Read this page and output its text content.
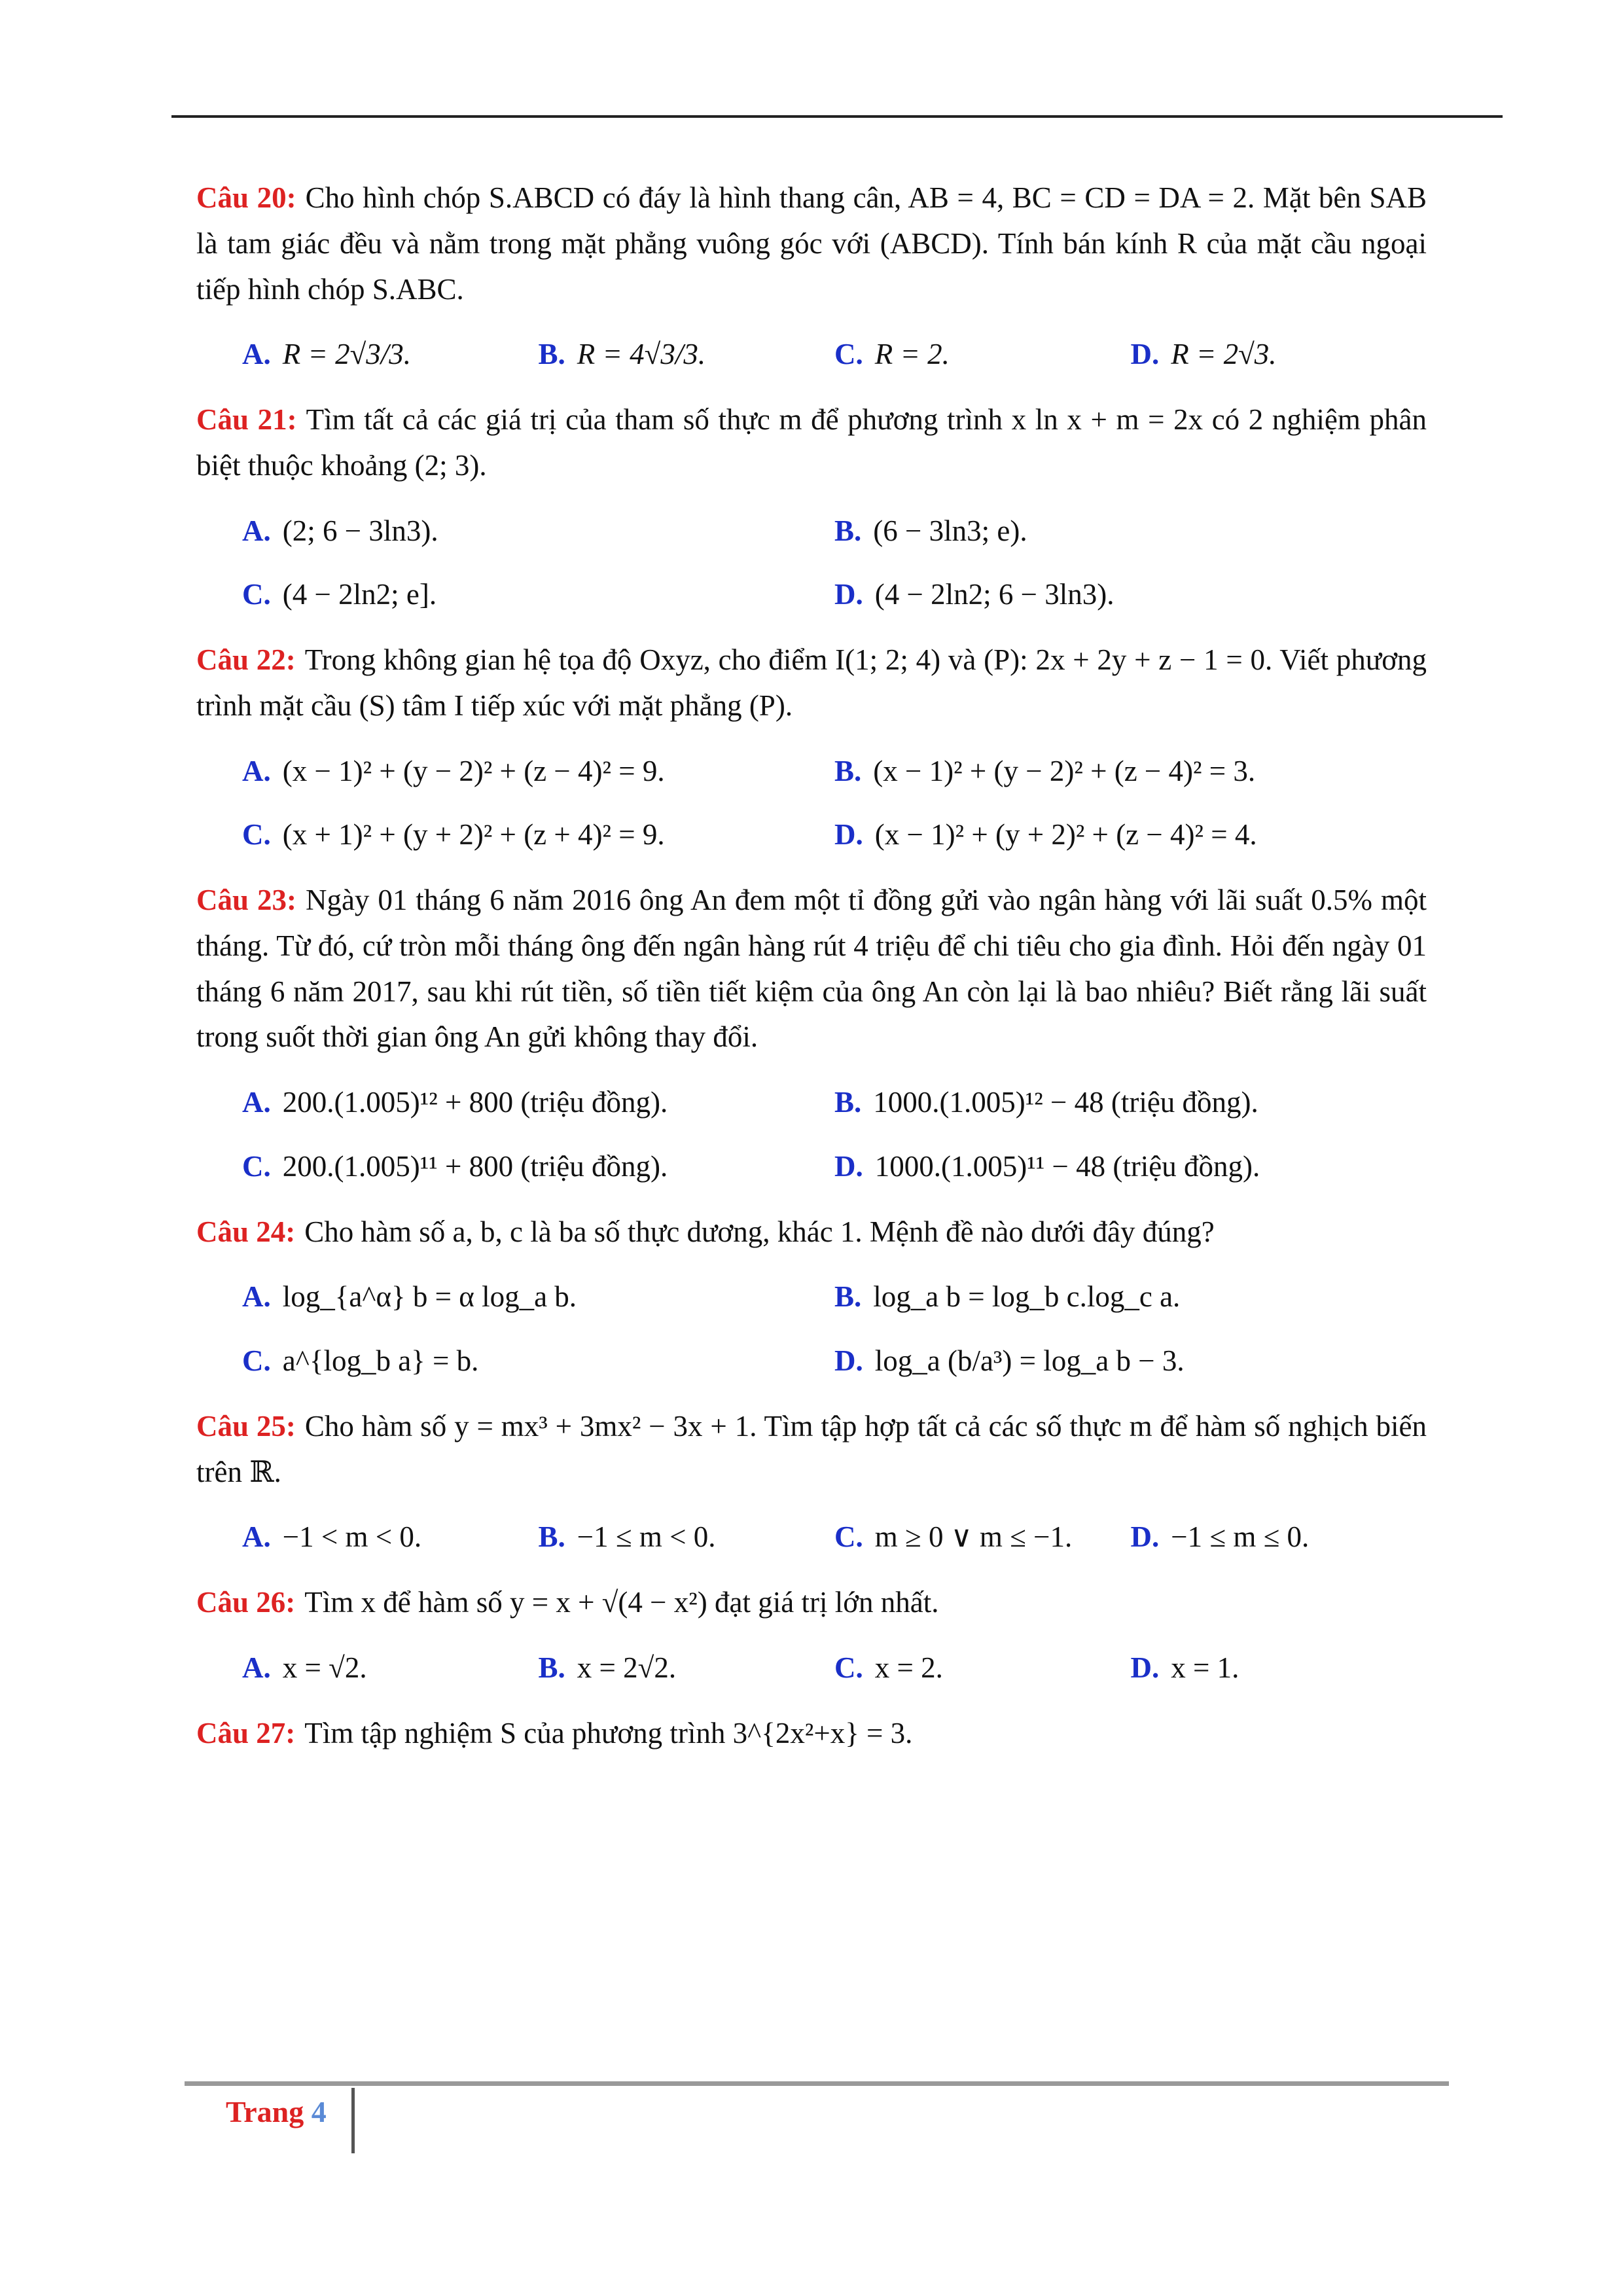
Câu 20: Cho hình chóp S.ABCD có đáy là hình thang cân, AB = 4, BC = CD = DA = 2. Mặt bên SAB là tam giác đều và nằm trong mặt phẳng vuông góc với (ABCD). Tính bán kính R của mặt cầu ngoại tiếp hình chóp S.ABC.

A. R = 2√3/3.	B. R = 4√3/3.	C. R = 2.	D. R = 2√3.

Câu 21: Tìm tất cả các giá trị của tham số thực m để phương trình x ln x + m = 2x có 2 nghiệm phân biệt thuộc khoảng (2; 3).

A. (2; 6 − 3ln3).	B. (6 − 3ln3; e).
C. (4 − 2ln2; e].	D. (4 − 2ln2; 6 − 3ln3).

Câu 22: Trong không gian hệ tọa độ Oxyz, cho điểm I(1; 2; 4) và (P): 2x + 2y + z − 1 = 0. Viết phương trình mặt cầu (S) tâm I tiếp xúc với mặt phẳng (P).

A. (x − 1)² + (y − 2)² + (z − 4)² = 9.	B. (x − 1)² + (y − 2)² + (z − 4)² = 3.
C. (x + 1)² + (y + 2)² + (z + 4)² = 9.	D. (x − 1)² + (y + 2)² + (z − 4)² = 4.

Câu 23: Ngày 01 tháng 6 năm 2016 ông An đem một tỉ đồng gửi vào ngân hàng với lãi suất 0.5% một tháng. Từ đó, cứ tròn mỗi tháng ông đến ngân hàng rút 4 triệu để chi tiêu cho gia đình. Hỏi đến ngày 01 tháng 6 năm 2017, sau khi rút tiền, số tiền tiết kiệm của ông An còn lại là bao nhiêu? Biết rằng lãi suất trong suốt thời gian ông An gửi không thay đổi.

A. 200.(1.005)¹² + 800 (triệu đồng).	B. 1000.(1.005)¹² − 48 (triệu đồng).
C. 200.(1.005)¹¹ + 800 (triệu đồng).	D. 1000.(1.005)¹¹ − 48 (triệu đồng).

Câu 24: Cho hàm số a, b, c là ba số thực dương, khác 1. Mệnh đề nào dưới đây đúng?

A. log_{a^α} b = α log_a b.	B. log_a b = log_b c.log_c a.
C. a^{log_b a} = b.	D. log_a (b/a³) = log_a b − 3.

Câu 25: Cho hàm số y = mx³ + 3mx² − 3x + 1. Tìm tập hợp tất cả các số thực m để hàm số nghịch biến trên ℝ.

A. −1 < m < 0.	B. −1 ≤ m < 0.	C. m ≥ 0 ∨ m ≤ −1.	D. −1 ≤ m ≤ 0.

Câu 26: Tìm x để hàm số y = x + √(4 − x²) đạt giá trị lớn nhất.

A. x = √2.	B. x = 2√2.	C. x = 2.	D. x = 1.

Câu 27: Tìm tập nghiệm S của phương trình 3^{2x²+x} = 3.

Trang 4
